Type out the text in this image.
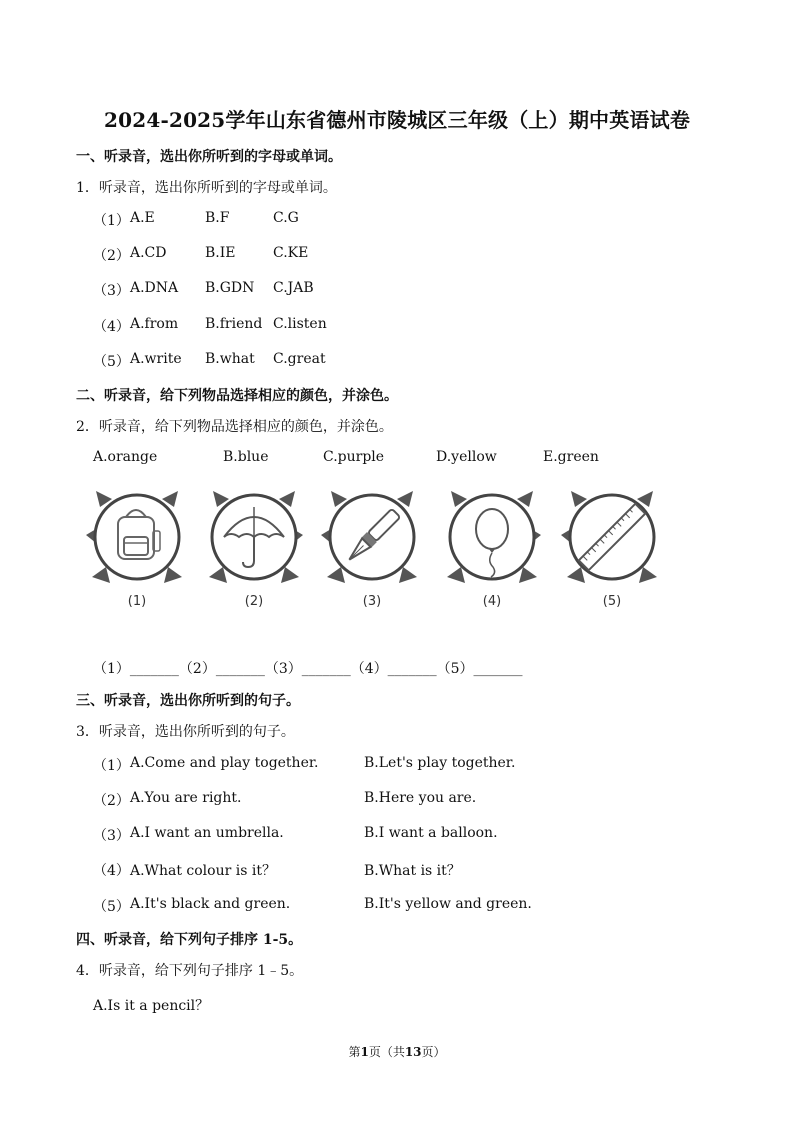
2024-2025学年山东省德州市陵城区三年级（上）期中英语试卷
一、听录音，选出你所听到的字母或单词。
1．听录音，选出你所听到的字母或单词。
（1） A.E	B.F	C.G
（2） A.CD	B.IE	C.KE
（3） A.DNA B.GDN C.JAB
（4） A.from B.friend C.listen
（5） A.write B.what C.great
二、听录音，给下列物品选择相应的颜色，并涂色。
2．听录音，给下列物品选择相应的颜色，并涂色。
A.orange	B.blue	C.purple	D.yellow	E.green
(1)	(2)	(3)	(4)	(5)
（1）_______（2）_______（3）_______（4）_______（5）_______
三、听录音，选出你所听到的句子。
3．听录音，选出你所听到的句子。
（1） A.Come and play together.	B.Let's play together.
（2） A.You are right.	B.Here you are.
（3） A.I want an umbrella.	B.I want a balloon.
（4） A.What colour is it？	B.What is it？
（5） A.It's black and green.	B.It's yellow and green.
四、听录音，给下列句子排序 1-5。
4．听录音，给下列句子排序 1﹣5。
A.Is it a pencil？
第1页（共13页）
